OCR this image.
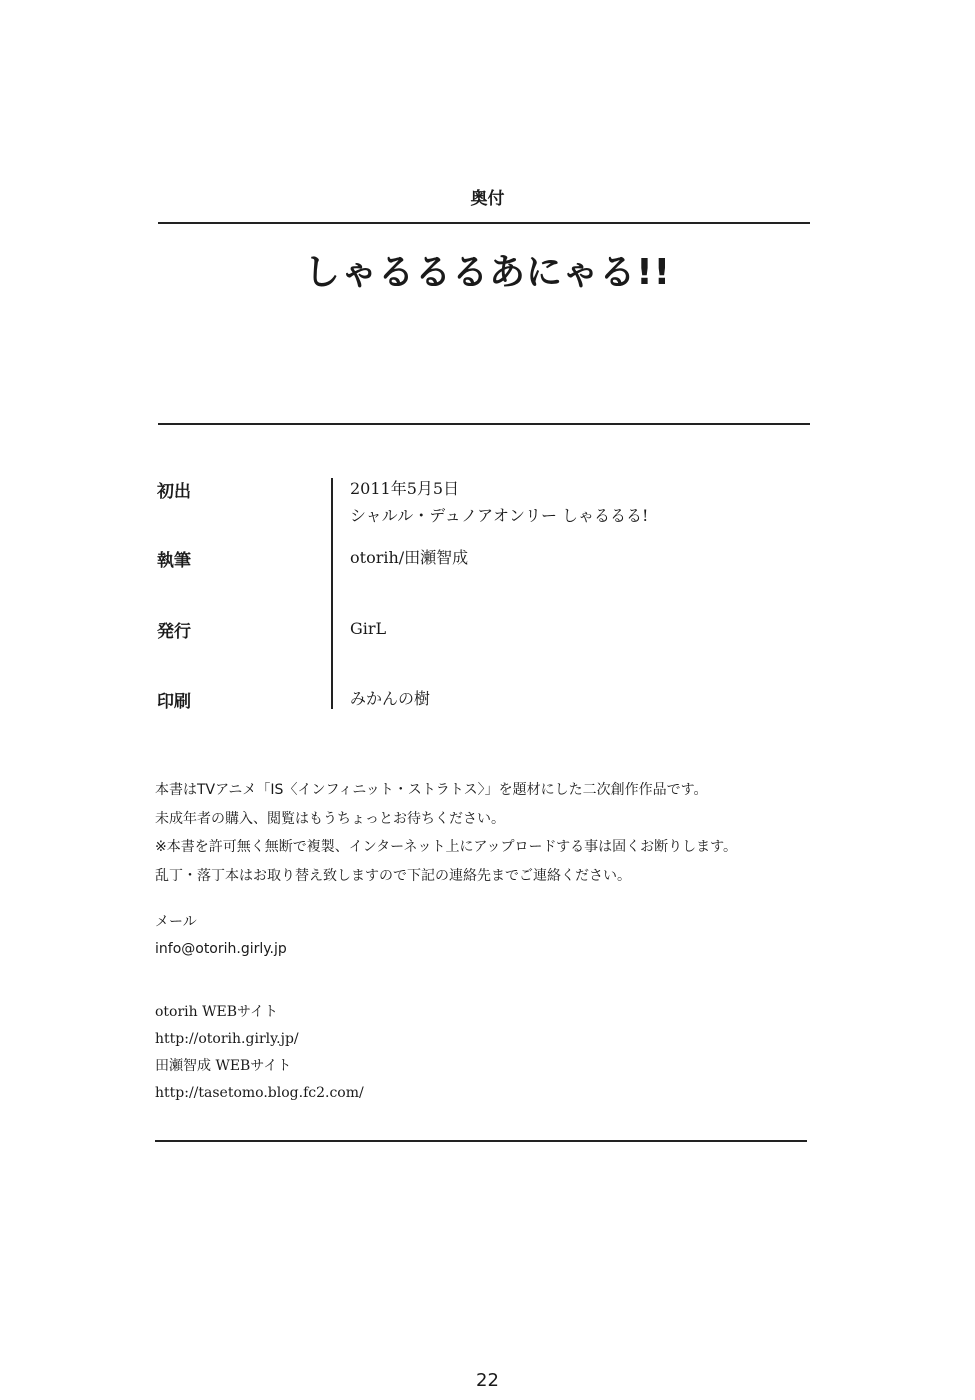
奥付
しゃるるるあにゃる!!
初出	2011年5月5日
シャルル・デュノアオンリー しゃるるる!
執筆	otorih/田瀬智成
発行	GirL
印刷	みかんの樹
本書はTVアニメ「IS〈インフィニット・ストラトス〉」を題材にした二次創作作品です。
未成年者の購入、閲覧はもうちょっとお待ちください。
※本書を許可無く無断で複製、インターネット上にアップロードする事は固くお断りします。
乱丁・落丁本はお取り替え致しますので下記の連絡先までご連絡ください。
メール
info@otorih.girly.jp
otorih WEBサイト
http://otorih.girly.jp/
田瀬智成 WEBサイト
http://tasetomo.blog.fc2.com/
22
